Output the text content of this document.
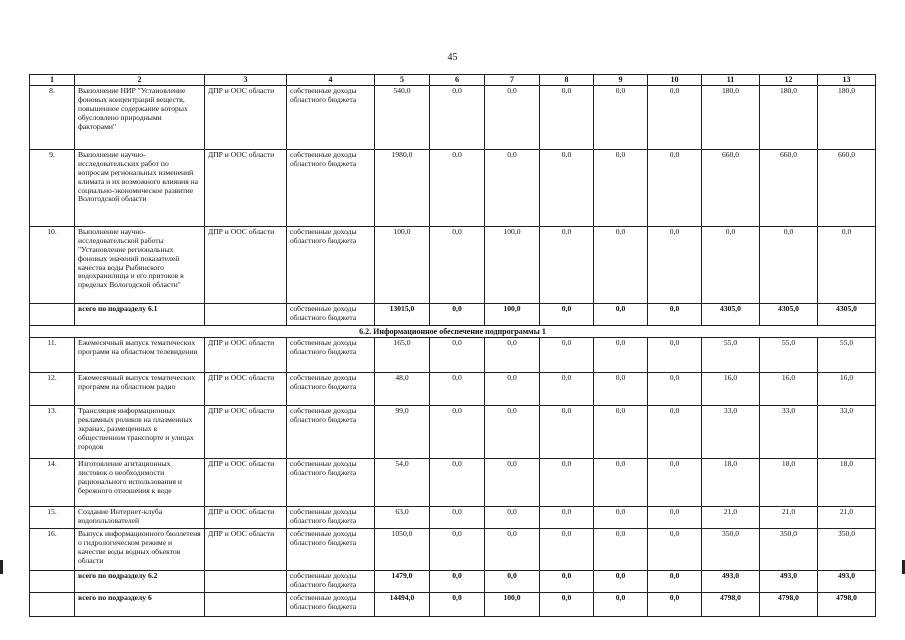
45
1	2	3	4	5	6	7	8	9	10	11	12	13
8.	Выполнение НИР "Установление фоновых концентраций веществ, повышенное содержание которых обусловлено природными факторами"	ДПР и ООС области	собственные доходы областного бюджета	540,0	0,0	0,0	0,0	0,0	0,0	180,0	180,0	180,0
9.	Выполнение научно-исследовательских работ по вопросам региональных изменений климата и их возможного влияния на социально-экономическое развитие Вологодской области	ДПР и ООС области	собственные доходы областного бюджета	1980,0	0,0	0,0	0,0	0,0	0,0	660,0	660,0	660,0
10.	Выполнение научно-исследовательской работы "Установление региональных фоновых значений показателей качества воды Рыбинского водохранилища и его притоков в пределах Вологодской области"	ДПР и ООС области	собственные доходы областного бюджета	100,0	0,0	100,0	0,0	0,0	0,0	0,0	0,0	0,0
	всего по подразделу 6.1		собственные доходы областного бюджета	13015,0	0,0	100,0	0,0	0,0	0,0	4305,0	4305,0	4305,0
6.2. Информационное обеспечение подпрограммы 1												
11.	Ежемесячный выпуск тематических программ на областном телевидении	ДПР и ООС области	собственные доходы областного бюджета	165,0	0,0	0,0	0,0	0,0	0,0	55,0	55,0	55,0
12.	Ежемесячный выпуск тематических программ на областном радио	ДПР и ООС области	собственные доходы областного бюджета	48,0	0,0	0,0	0,0	0,0	0,0	16,0	16,0	16,0
13.	Трансляция информационных рекламных роликов на плазменных экранах, размещенных в общественном транспорте и улицах городов	ДПР и ООС области	собственные доходы областного бюджета	99,0	0,0	0,0	0,0	0,0	0,0	33,0	33,0	33,0
14.	Изготовление агитационных листовок о необходимости рационального использования и бережного отношения к воде	ДПР и ООС области	собственные доходы областного бюджета	54,0	0,0	0,0	0,0	0,0	0,0	18,0	18,0	18,0
15.	Создание Интернет-клуба водопользователей	ДПР и ООС области	собственные доходы областного бюджета	63,0	0,0	0,0	0,0	0,0	0,0	21,0	21,0	21,0
16.	Выпуск информационного бюллетеня о гидрологическом режиме и качестве воды водных объектов области	ДПР и ООС области	собственные доходы областного бюджета	1050,0	0,0	0,0	0,0	0,0	0,0	350,0	350,0	350,0
	всего по подразделу 6.2		собственные доходы областного бюджета	1479,0	0,0	0,0	0,0	0,0	0,0	493,0	493,0	493,0
	всего по подразделу 6		собственные доходы областного бюджета	14494,0	0,0	100,0	0,0	0,0	0,0	4798,0	4798,0	4798,0
